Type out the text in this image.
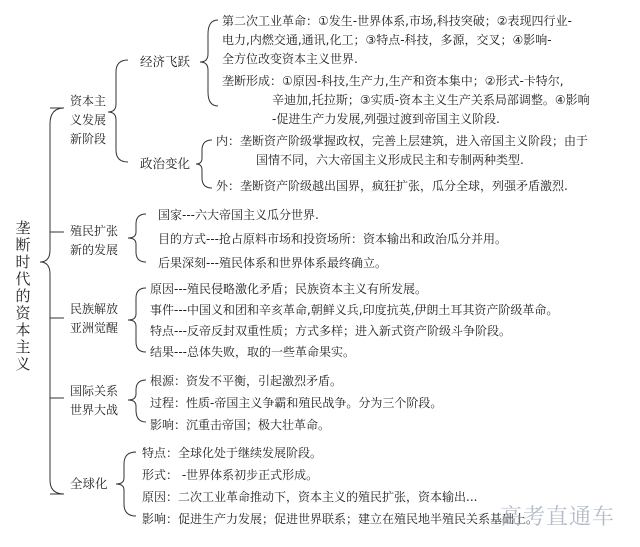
垄断时代的资本主义
资本主
义发展
新阶段
经济飞跃
第二次工业革命：①发生-世界体系,市场,科技突破；②表现四行业-
电力,内燃交通,通讯,化工；③特点-科技，多源，交叉；④影响-
全方位改变资本主义世界.
垄断形成：①原因-科技,生产力,生产和资本集中；②形式-卡特尔,
辛迪加,托拉斯；③实质-资本主义生产关系局部调整。④影响
-促进生产力发展,列强过渡到帝国主义阶段.
政治变化
内：垄断资产阶级掌握政权，完善上层建筑，进入帝国主义阶段；由于
国情不同，六大帝国主义形成民主和专制两种类型.
外：垄断资产阶级越出国界，疯狂扩张，瓜分全球，列强矛盾激烈.
殖民扩张
新的发展
国家---六大帝国主义瓜分世界.
目的方式---抢占原料市场和投资场所：资本输出和政治瓜分并用。
后果深刻---殖民体系和世界体系最终确立。
民族解放
亚洲觉醒
原因---殖民侵略激化矛盾；民族资本主义有所发展。
事件---中国义和团和辛亥革命,朝鲜义兵,印度抗英,伊朗土耳其资产阶级革命。
特点---反帝反封双重性质；方式多样；进入新式资产阶级斗争阶段。
结果---总体失败，取的一些革命果实。
国际关系
世界大战
根源：资发不平衡，引起激烈矛盾。
过程：性质-帝国主义争霸和殖民战争。分为三个阶段。
影响：沉重击帝国；极大壮革命。
全球化
特点：全球化处于继续发展阶段。
形式： -世界体系初步正式形成。
原因：二次工业革命推动下，资本主义的殖民扩张，资本输出...
影响：促进生产力发展；促进世界联系；建立在殖民地半殖民关系基础上。
高考直通车
